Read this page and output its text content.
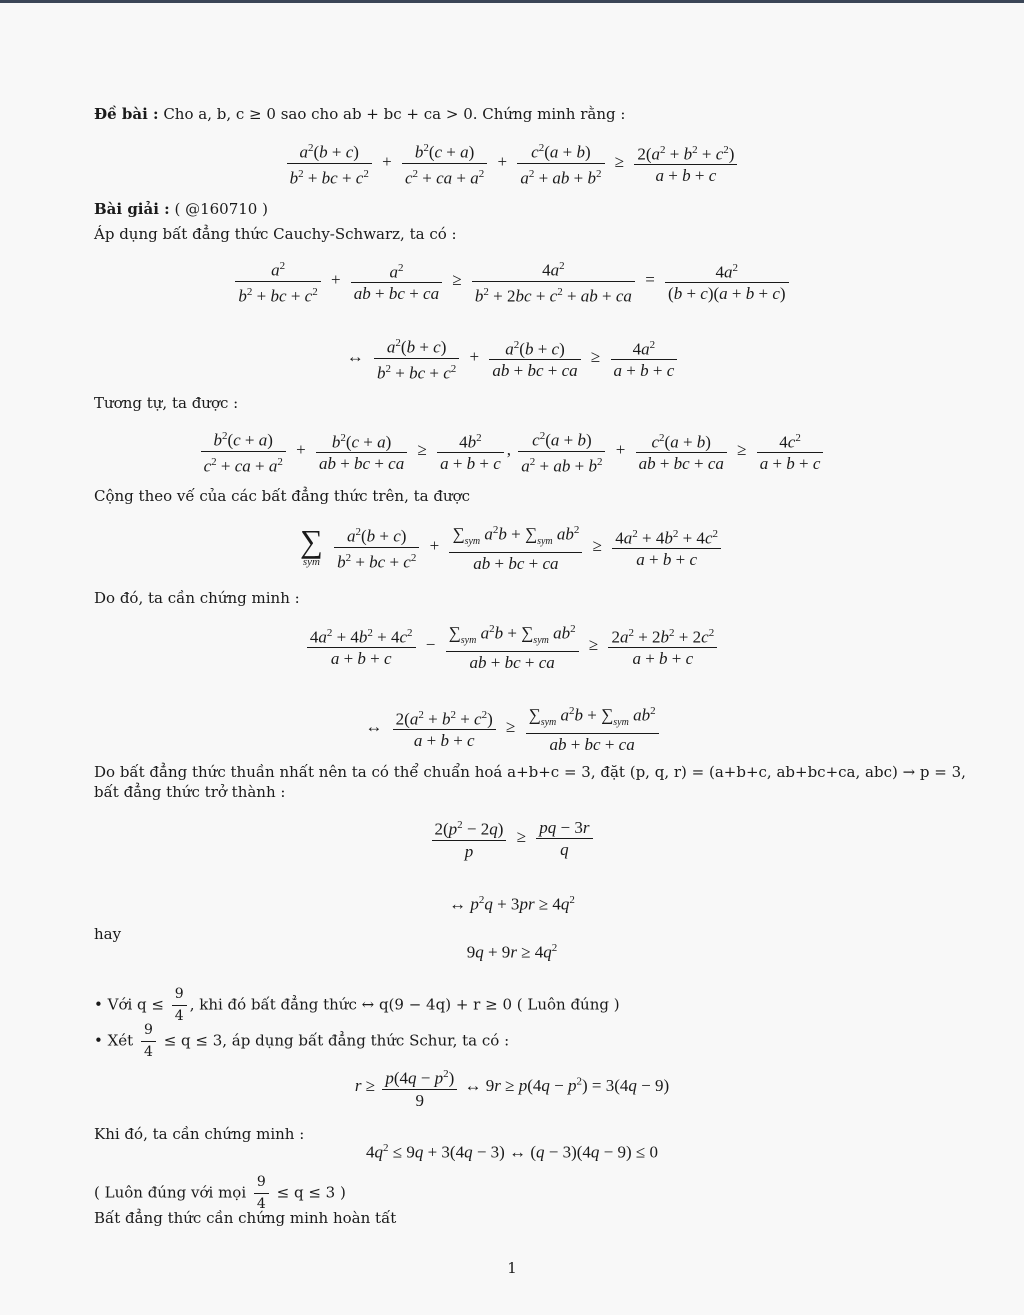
Đề bài : Cho a, b, c ≥ 0 sao cho ab + bc + ca > 0. Chứng minh rằng :
$\frac{a^2(b + c)}{b^2 + bc + c^2} + \frac{b^2(c + a)}{c^2 + ca + a^2} + \frac{c^2(a + b)}{a^2 + ab + b^2} \ge \frac{2(a^2 + b^2 + c^2)}{a + b + c}$
Bài giải : ( @160710 )
Áp dụng bất đẳng thức Cauchy-Schwarz, ta có :
$\frac{a^2}{b^2 + bc + c^2} + \frac{a^2}{ab + bc + ca} \ge \frac{4a^2}{b^2 + 2bc + c^2 + ab + ca} = \frac{4a^2}{(b + c)(a + b + c)}$
↔ $\frac{a^2(b + c)}{b^2 + bc + c^2} + \frac{a^2(b + c)}{ab + bc + ca} \ge \frac{4a^2}{a + b + c}$
Tương tự, ta được :
$\frac{b^2(c + a)}{c^2 + ca + a^2} + \frac{b^2(c + a)}{ab + bc + ca} \ge \frac{4b^2}{a + b + c}$ , $\frac{c^2(a + b)}{a^2 + ab + b^2} + \frac{c^2(a + b)}{ab + bc + ca} \ge \frac{4c^2}{a + b + c}$
Cộng theo vế của các bất đẳng thức trên, ta được
∑
sym
$\frac{a^2(b + c)}{b^2 + bc + c^2} + \frac{\sum_{sym} a^2b + \sum_{sym} ab^2}{ab + bc + ca} \ge \frac{4a^2 + 4b^2 + 4c^2}{a + b + c}$
Do đó, ta cần chứng minh :
$\frac{4a^2 + 4b^2 + 4c^2}{a + b + c} - \frac{\sum_{sym} a^2b + \sum_{sym} ab^2}{ab + bc + ca} \ge \frac{2a^2 + 2b^2 + 2c^2}{a + b + c}$
↔ $\frac{2(a^2 + b^2 + c^2)}{a + b + c} \ge \frac{\sum_{sym} a^2b + \sum_{sym} ab^2}{ab + bc + ca}$
Do bất đẳng thức thuần nhất nên ta có thể chuẩn hoá a+b+c = 3, đặt (p, q, r) = (a+b+c, ab+bc+ca, abc) → p = 3,
bất đẳng thức trở thành :
$\frac{2(p^2 - 2q)}{p} \ge \frac{pq - 3r}{q}$
↔ $p^2q + 3pr \ge 4q^2$
hay
$9q + 9r \ge 4q^2$
• Với $q \le \frac{9}{4}$ , khi đó bất đẳng thức ↔ q(9 − 4q) + r ≥ 0 ( Luôn đúng )
• Xét $\frac{9}{4} \le q \le 3$, áp dụng bất đẳng thức Schur, ta có :
$r \ge \frac{p(4q - p^2)}{9}$ ↔ $9r \ge p(4q - p^2) = 3(4q - 9)$
Khi đó, ta cần chứng minh :
$4q^2 \le 9q + 3(4q - 3)$ ↔ (q − 3)(4q − 9) ≤ 0
( Luôn đúng với mọi $\frac{9}{4} \le q \le 3$ )
Bất đẳng thức cần chứng minh hoàn tất
1
